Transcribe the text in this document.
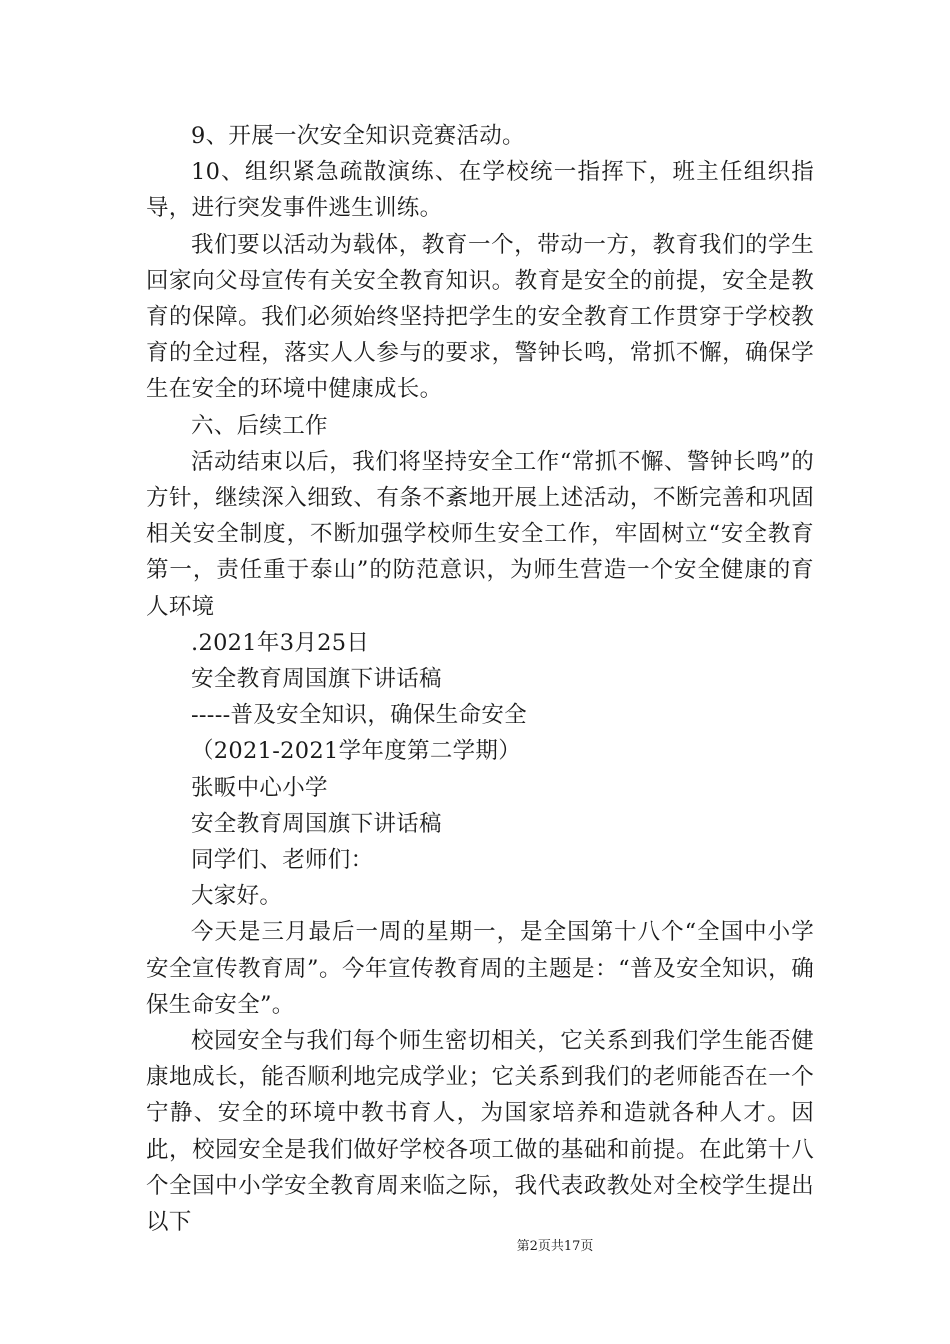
9、开展一次安全知识竞赛活动。

10、组织紧急疏散演练、在学校统一指挥下，班主任组织指导，进行突发事件逃生训练。

我们要以活动为载体，教育一个，带动一方，教育我们的学生回家向父母宣传有关安全教育知识。教育是安全的前提，安全是教育的保障。我们必须始终坚持把学生的安全教育工作贯穿于学校教育的全过程，落实人人参与的要求，警钟长鸣，常抓不懈，确保学生在安全的环境中健康成长。

六、后续工作

活动结束以后，我们将坚持安全工作“常抓不懈、警钟长鸣”的方针，继续深入细致、有条不紊地开展上述活动，不断完善和巩固相关安全制度，不断加强学校师生安全工作，牢固树立“安全教育第一，责任重于泰山”的防范意识，为师生营造一个安全健康的育人环境

.2021年3月25日

安全教育周国旗下讲话稿

-----普及安全知识，确保生命安全

（2021-2021学年度第二学期）

张畈中心小学

安全教育周国旗下讲话稿

同学们、老师们：

大家好。

今天是三月最后一周的星期一，是全国第十八个“全国中小学安全宣传教育周”。今年宣传教育周的主题是：“普及安全知识，确保生命安全”。

校园安全与我们每个师生密切相关，它关系到我们学生能否健康地成长，能否顺利地完成学业；它关系到我们的老师能否在一个宁静、安全的环境中教书育人，为国家培养和造就各种人才。因此，校园安全是我们做好学校各项工做的基础和前提。在此第十八个全国中小学安全教育周来临之际，我代表政教处对全校学生提出以下

第2页共17页
